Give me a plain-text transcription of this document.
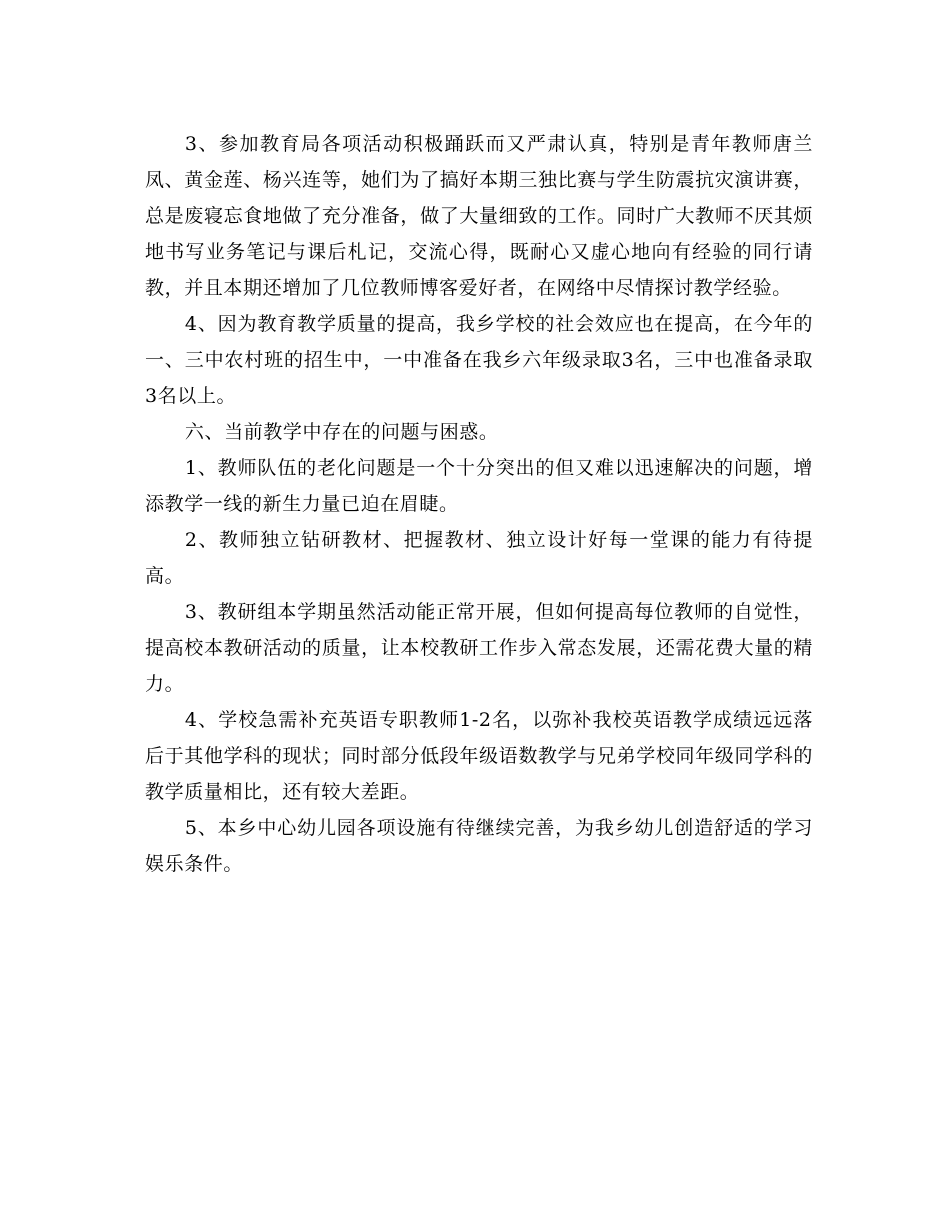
3、参加教育局各项活动积极踊跃而又严肃认真，特别是青年教师唐兰凤、黄金莲、杨兴连等，她们为了搞好本期三独比赛与学生防震抗灾演讲赛，总是废寝忘食地做了充分准备，做了大量细致的工作。同时广大教师不厌其烦地书写业务笔记与课后札记，交流心得，既耐心又虚心地向有经验的同行请教，并且本期还增加了几位教师博客爱好者，在网络中尽情探讨教学经验。

4、因为教育教学质量的提高，我乡学校的社会效应也在提高，在今年的一、三中农村班的招生中，一中准备在我乡六年级录取3名，三中也准备录取3名以上。

六、当前教学中存在的问题与困惑。

1、教师队伍的老化问题是一个十分突出的但又难以迅速解决的问题，增添教学一线的新生力量已迫在眉睫。

2、教师独立钻研教材、把握教材、独立设计好每一堂课的能力有待提高。

3、教研组本学期虽然活动能正常开展，但如何提高每位教师的自觉性，提高校本教研活动的质量，让本校教研工作步入常态发展，还需花费大量的精力。

4、学校急需补充英语专职教师1-2名，以弥补我校英语教学成绩远远落后于其他学科的现状；同时部分低段年级语数教学与兄弟学校同年级同学科的教学质量相比，还有较大差距。

5、本乡中心幼儿园各项设施有待继续完善，为我乡幼儿创造舒适的学习娱乐条件。
